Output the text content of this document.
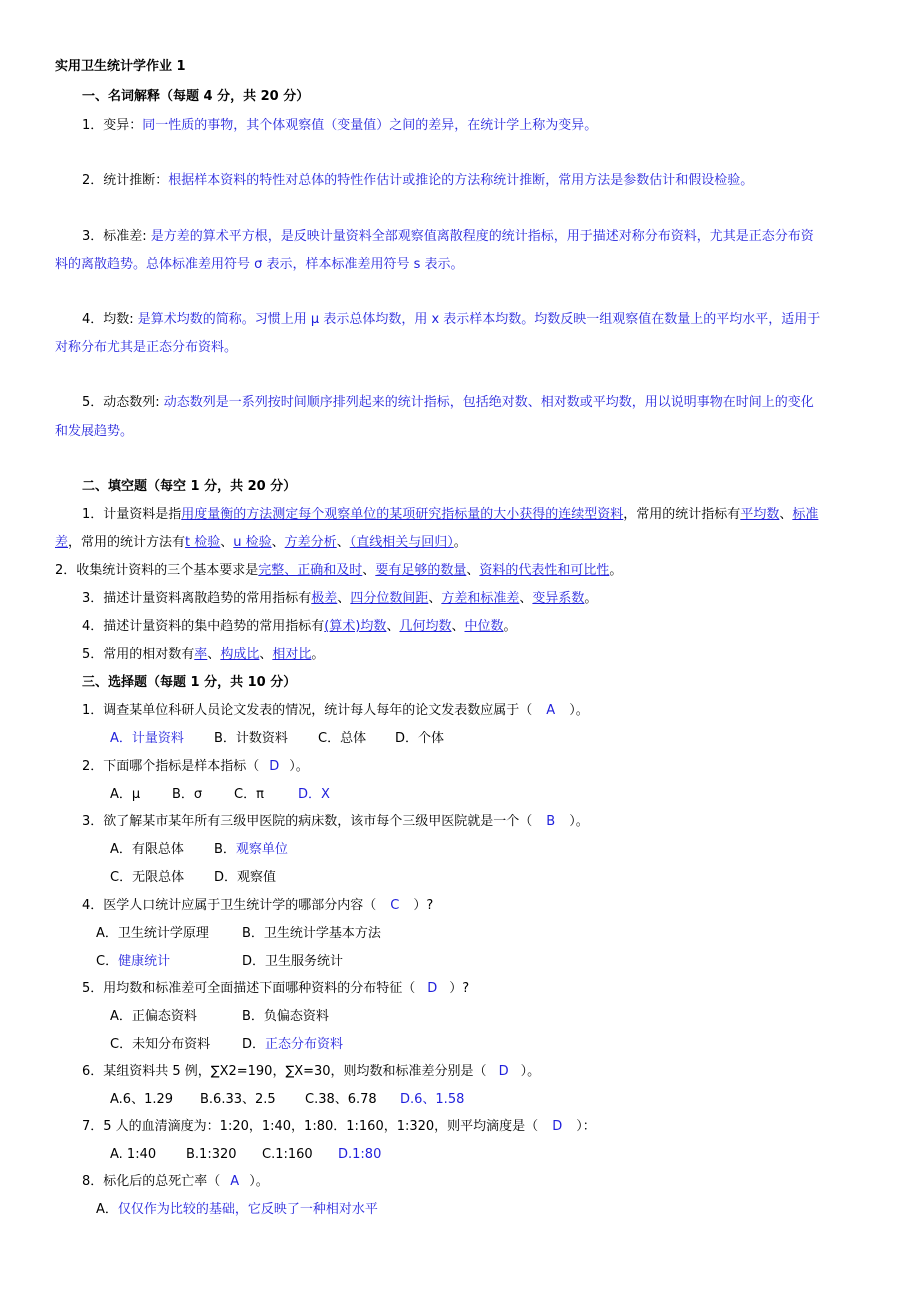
实用卫生统计学作业 1
一、名词解释（每题 4 分，共 20 分）
1．变异：同一性质的事物，其个体观察值（变量值）之间的差异，在统计学上称为变异。
2．统计推断：根据样本资料的特性对总体的特性作估计或推论的方法称统计推断，常用方法是参数估计和假设检验。
3．标准差: 是方差的算术平方根，是反映计量资料全部观察值离散程度的统计指标，用于描述对称分布资料，尤其是正态分布资
料的离散趋势。总体标准差用符号 σ 表示，样本标准差用符号 s 表示。
4．均数: 是算术均数的简称。习惯上用 μ 表示总体均数，用 x 表示样本均数。均数反映一组观察值在数量上的平均水平，适用于
对称分布尤其是正态分布资料。
5．动态数列: 动态数列是一系列按时间顺序排列起来的统计指标，包括绝对数、相对数或平均数，用以说明事物在时间上的变化
和发展趋势。
二、填空题（每空 1 分，共 20 分）
1．计量资料是指用度量衡的方法测定每个观察单位的某项研究指标量的大小获得的连续型资料，常用的统计指标有平均数、标准
差，常用的统计方法有t 检验、u 检验、方差分析、（直线相关与回归）。
2．收集统计资料的三个基本要求是完整、正确和及时、要有足够的数量、资料的代表性和可比性。
3．描述计量资料离散趋势的常用指标有极差、四分位数间距、方差和标准差、变异系数。
4．描述计量资料的集中趋势的常用指标有(算术)均数、几何均数、中位数。
5．常用的相对数有率、构成比、相对比。
三、选择题（每题 1 分，共 10 分）
1．调查某单位科研人员论文发表的情况，统计每人每年的论文发表数应属于（ A ）。
A．计量资料 B．计数资料 C．总体 D．个体
2．下面哪个指标是样本指标（ D ）。
A．μ B．σ C．π	D．X
3．欲了解某市某年所有三级甲医院的病床数，该市每个三级甲医院就是一个（ B ）。
A．有限总体 B．观察单位
C．无限总体 D．观察值
4．医学人口统计应属于卫生统计学的哪部分内容（ C ）?
A．卫生统计学原理	B．卫生统计学基本方法
C．健康统计	D．卫生服务统计
5．用均数和标准差可全面描述下面哪种资料的分布特征（ D ）?
A．正偏态资料	B．负偏态资料
C．未知分布资料 D．正态分布资料
6．某组资料共 5 例，∑X2=190，∑X=30，则均数和标准差分别是（ D ）。
A.6、1.29 B.6.33、2.5 C.38、6.78 D.6、1.58
7．5 人的血清滴度为：1:20，1:40，1:80．1:160，1:320，则平均滴度是（ D ）：
A. 1:40 B.1:320 C.1:160 D.1:80
8．标化后的总死亡率（ A ）。
A．仅仅作为比较的基础，它反映了一种相对水平
